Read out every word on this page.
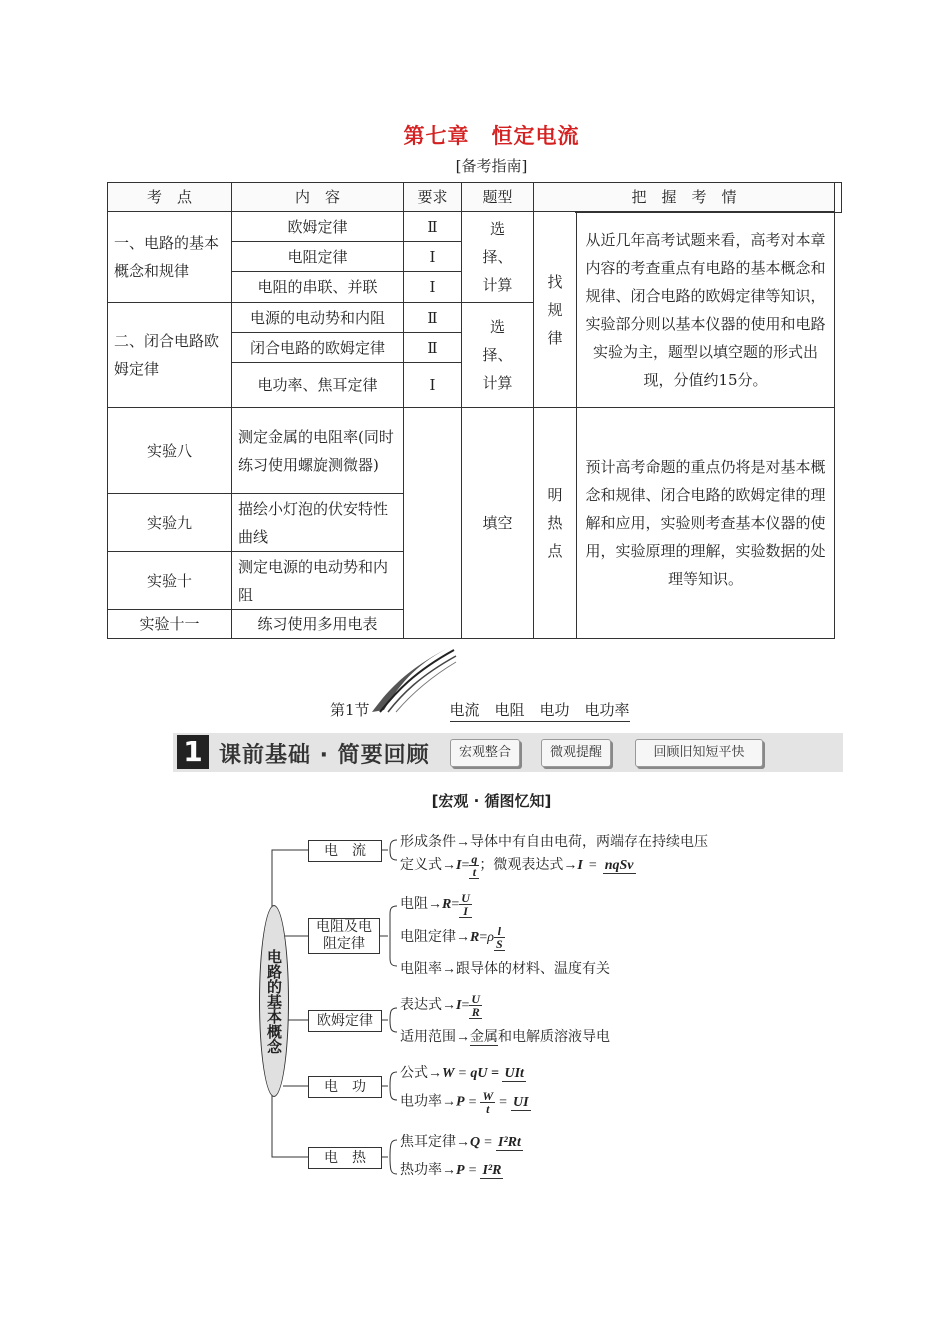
第七章　恒定电流
[备考指南]
考　点	内　容	要求	题型	把　握　考　情	
一、电路的基本概念和规律	欧姆定律	Ⅱ	选择、计算	找规律	从近几年高考试题来看，高考对本章内容的考查重点有电路的基本概念和规律、闭合电路的欧姆定律等知识，实验部分则以基本仪器的使用和电路实验为主，题型以填空题的形式出现，分值约15分。
	电阻定律	Ⅰ			
	电阻的串联、并联	Ⅰ			
二、闭合电路欧姆定律	电源的电动势和内阻	Ⅱ	选择、计算		
	闭合电路的欧姆定律	Ⅱ			
	电功率、焦耳定律	Ⅰ			
实验八	测定金属的电阻率(同时练习使用螺旋测微器)		填空	明热点	预计高考命题的重点仍将是对基本概念和规律、闭合电路的欧姆定律的理解和应用，实验则考查基本仪器的使用，实验原理的理解，实验数据的处理等知识。
实验九	描绘小灯泡的伏安特性曲线				
实验十	测定电源的电动势和内阻				
实验十一	练习使用多用电表				
第1节	电流　电阻　电功　电功率
1 课前基础 · 简要回顾	宏观整合	微观提醒	回顾旧知短平快
[宏观 · 循图忆知]
电路的基本概念
电　流
电阻及电阻定律
欧姆定律
电　功
电　热
形成条件→导体中有自由电荷，两端存在持续电压
定义式$\to I= \frac{q}{t}$ ；微观表达式→I = nqSv
电阻$\to R= \frac{U}{I}$
电阻定律$\to R=\rho \frac{l}{S}$
电阻率→跟导体的材料、温度有关
表达式$\to I= \frac{U}{R}$
适用范围→金属和电解质溶液导电
公式→W = qU = UIt
电功率$\to P = \frac{W}{t}$ = UI
焦耳定律→Q = I²Rt
热功率→P = I²R
